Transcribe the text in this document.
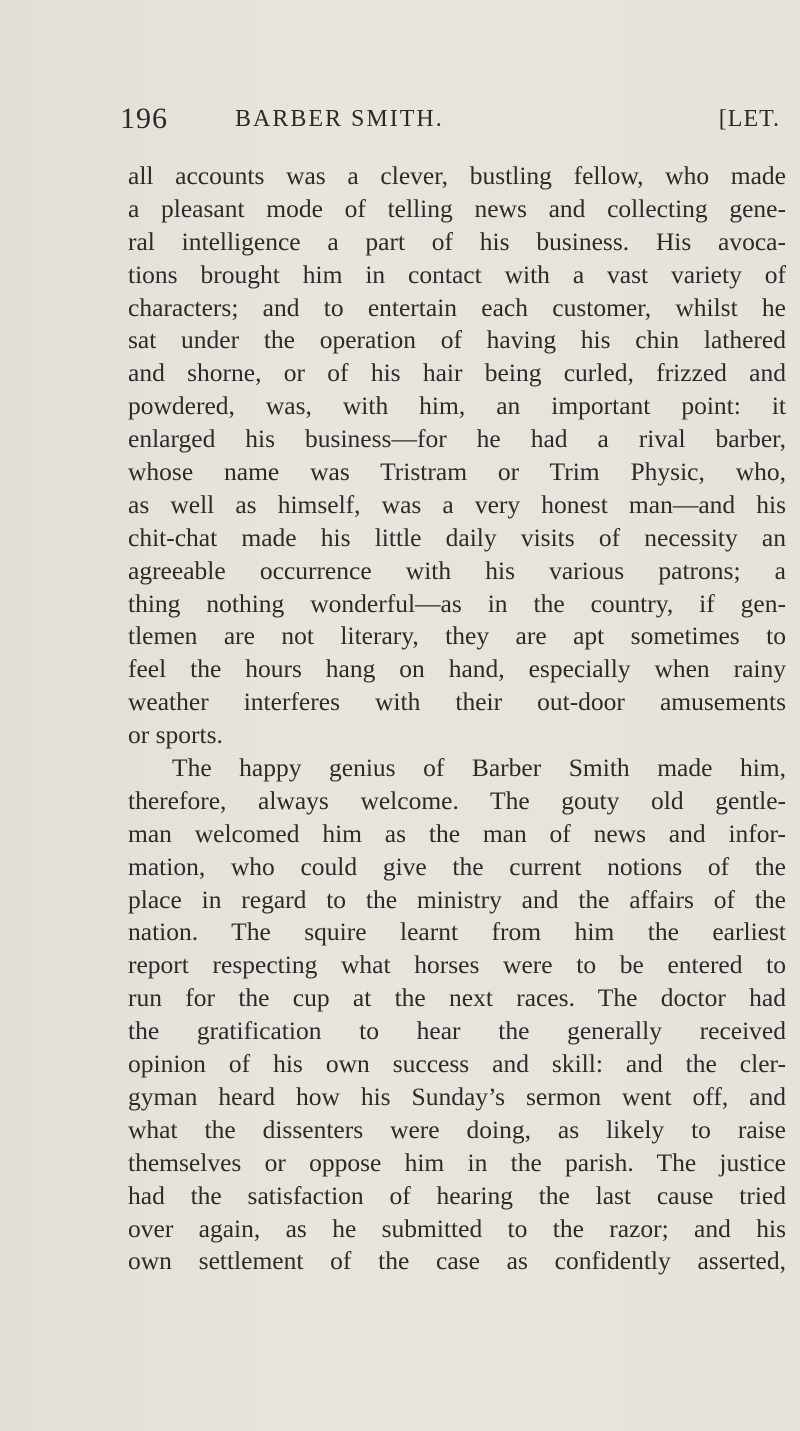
196	BARBER SMITH.	[LET.
all accounts was a clever, bustling fellow, who made
a pleasant mode of telling news and collecting gene-
ral intelligence a part of his business. His avoca-
tions brought him in contact with a vast variety of
characters; and to entertain each customer, whilst he
sat under the operation of having his chin lathered
and shorne, or of his hair being curled, frizzed and
powdered, was, with him, an important point: it
enlarged his business—for he had a rival barber,
whose name was Tristram or Trim Physic, who,
as well as himself, was a very honest man—and his
chit-chat made his little daily visits of necessity an
agreeable occurrence with his various patrons; a
thing nothing wonderful—as in the country, if gen-
tlemen are not literary, they are apt sometimes to
feel the hours hang on hand, especially when rainy
weather interferes with their out-door amusements
or sports.
The happy genius of Barber Smith made him,
therefore, always welcome. The gouty old gentle-
man welcomed him as the man of news and infor-
mation, who could give the current notions of the
place in regard to the ministry and the affairs of the
nation. The squire learnt from him the earliest
report respecting what horses were to be entered to
run for the cup at the next races. The doctor had
the gratification to hear the generally received
opinion of his own success and skill: and the cler-
gyman heard how his Sunday’s sermon went off, and
what the dissenters were doing, as likely to raise
themselves or oppose him in the parish. The justice
had the satisfaction of hearing the last cause tried
over again, as he submitted to the razor; and his
own settlement of the case as confidently asserted,
